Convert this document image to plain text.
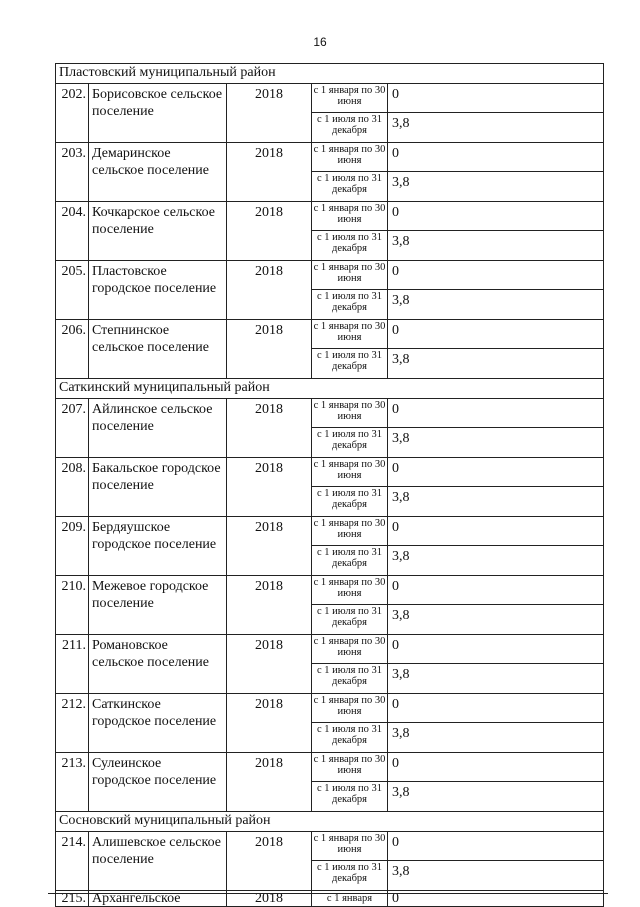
16
Пластовский муниципальный район				
202.	Борисовское сельское поселение	2018	с 1 января по 30 июня	0
			с 1 июля по 31 декабря	3,8
203.	Демаринское сельское поселение	2018	с 1 января по 30 июня	0
			с 1 июля по 31 декабря	3,8
204.	Кочкарское сельское поселение	2018	с 1 января по 30 июня	0
			с 1 июля по 31 декабря	3,8
205.	Пластовское городское поселение	2018	с 1 января по 30 июня	0
			с 1 июля по 31 декабря	3,8
206.	Степнинское сельское поселение	2018	с 1 января по 30 июня	0
			с 1 июля по 31 декабря	3,8
Саткинский муниципальный район				
207.	Айлинское сельское поселение	2018	с 1 января по 30 июня	0
			с 1 июля по 31 декабря	3,8
208.	Бакальское городское поселение	2018	с 1 января по 30 июня	0
			с 1 июля по 31 декабря	3,8
209.	Бердяушское городское поселение	2018	с 1 января по 30 июня	0
			с 1 июля по 31 декабря	3,8
210.	Межевое городское поселение	2018	с 1 января по 30 июня	0
			с 1 июля по 31 декабря	3,8
211.	Романовское сельское поселение	2018	с 1 января по 30 июня	0
			с 1 июля по 31 декабря	3,8
212.	Саткинское городское поселение	2018	с 1 января по 30 июня	0
			с 1 июля по 31 декабря	3,8
213.	Сулеинское городское поселение	2018	с 1 января по 30 июня	0
			с 1 июля по 31 декабря	3,8
Сосновский муниципальный район				
214.	Алишевское сельское поселение	2018	с 1 января по 30 июня	0
			с 1 июля по 31 декабря	3,8
215.	Архангельское	2018	с 1 января	0
